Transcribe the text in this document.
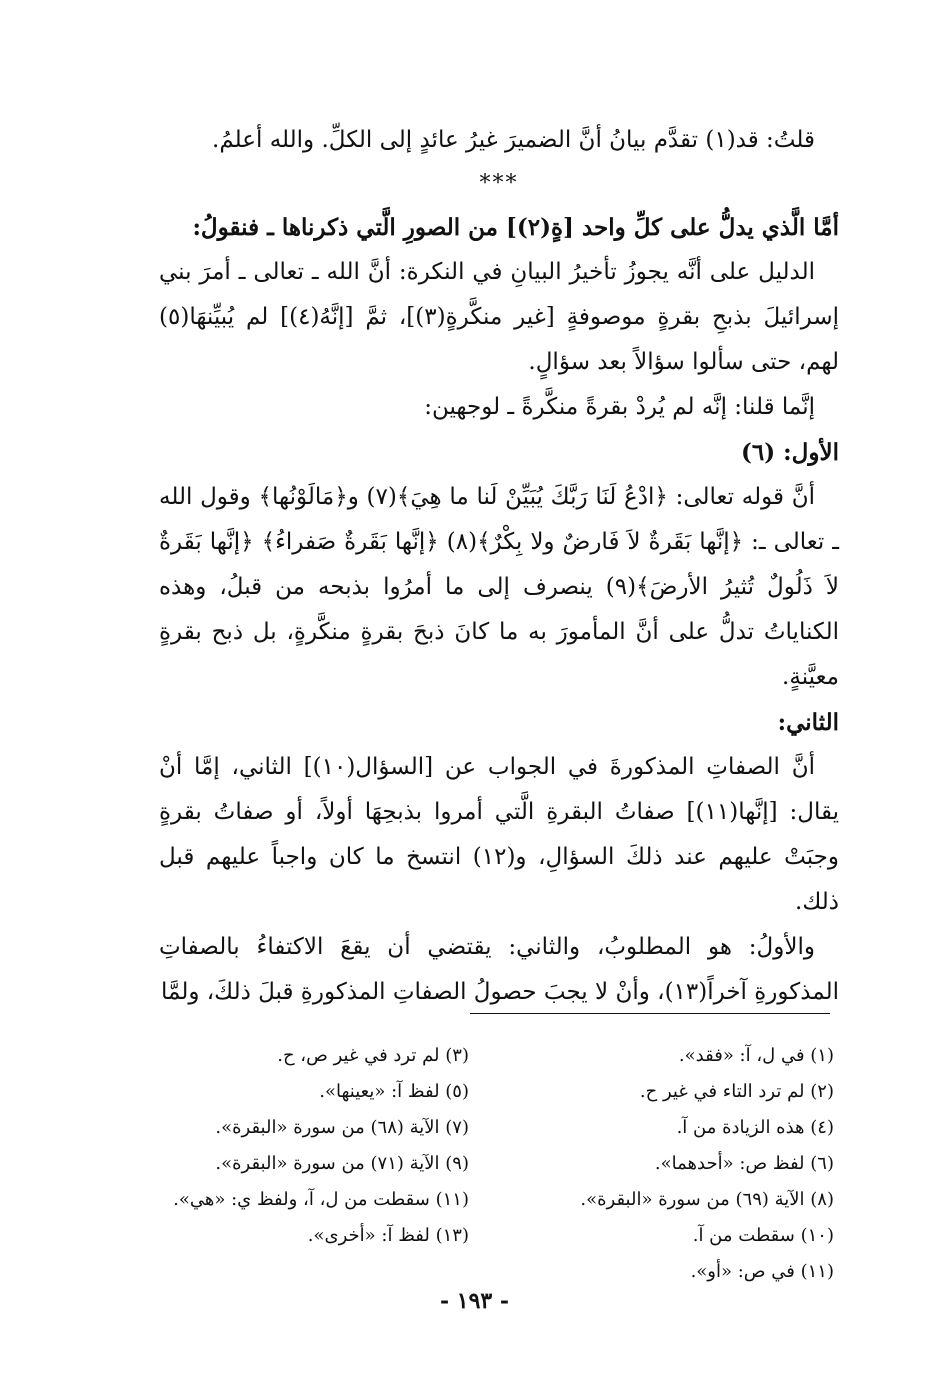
قلتُ: قد(١) تقدَّم بيانُ أنَّ الضميرَ غيرُ عائدٍ إلى الكلِّ. والله أعلمُ.

***

أمَّا الَّذي يدلُّ على كلِّ واحد [ةٍ(٢)] من الصورِ الَّتي ذكرناها ـ فنقولُ:

الدليل على أنَّه يجوزُ تأخيرُ البيانِ في النكرة: أنَّ الله ـ تعالى ـ أمرَ بني إسرائيلَ بذبحِ بقرةٍ موصوفةٍ [غير منكَّرةٍ(٣)]، ثمَّ [إنَّهُ(٤)] لم يُبيِّنهَا(٥) لهم، حتى سألوا سؤالاً بعد سؤالٍ.

إنَّما قلنا: إنَّه لم يُردْ بقرةً منكَّرةً ـ لوجهين:

الأول: (٦)

أنَّ قوله تعالى: ﴿ادْعُ لَنَا رَبَّكَ يُبَيِّنْ لَنا ما هِيَ﴾(٧) و﴿مَالَوْنُها﴾ وقول الله ـ تعالى ـ: ﴿إنَّها بَقَرةٌ لاَ فَارضٌ ولا بِكْرٌ﴾(٨) ﴿إنَّها بَقَرةٌ صَفراءُ﴾ ﴿إنَّها بَقَرةٌ لاَ ذَلُولٌ تُثيرُ الأرضَ﴾(٩) ينصرف إلى ما أمرُوا بذبحه من قبلُ، وهذه الكناياتُ تدلُّ على أنَّ المأمورَ به ما كانَ ذبحَ بقرةٍ منكَّرةٍ، بل ذبح بقرةٍ معيَّنةٍ.

الثاني:

أنَّ الصفاتِ المذكورةَ في الجواب عن [السؤال(١٠)] الثاني، إمَّا أنْ يقال: [إنَّها(١١)] صفاتُ البقرةِ الَّتي أمروا بذبحِهَا أولاً، أو صفاتُ بقرةٍ وجبَتْ عليهم عند ذلكَ السؤالِ، و(١٢) انتسخ ما كان واجباً عليهم قبل ذلك.

والأولُ: هو المطلوبُ، والثاني: يقتضي أن يقعَ الاكتفاءُ بالصفاتِ المذكورةِ آخراً(١٣)، وأنْ لا يجبَ حصولُ الصفاتِ المذكورةِ قبلَ ذلكَ، ولمَّا

(١) في ل، آ: «فقد».
(٢) لم ترد التاء في غير ح.
(٤) هذه الزيادة من آ.
(٦) لفظ ص: «أحدهما».
(٨) الآية (٦٩) من سورة «البقرة».
(١٠) سقطت من آ.
(١١) في ص: «أو».
(٣) لم ترد في غير ص، ح.
(٥) لفظ آ: «يعينها».
(٧) الآية (٦٨) من سورة «البقرة».
(٩) الآية (٧١) من سورة «البقرة».
(١١) سقطت من ل، آ، ولفظ ي: «هي».
(١٣) لفظ آ: «أخرى».
- ١٩٣ -
